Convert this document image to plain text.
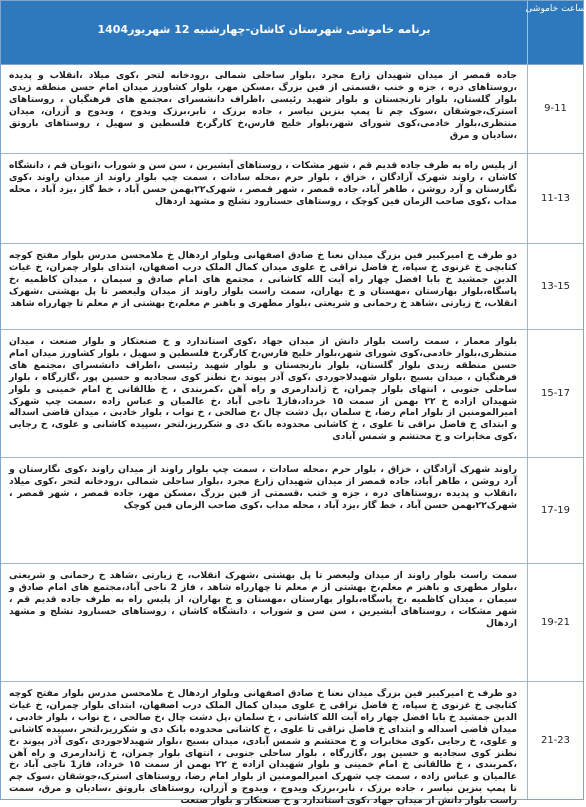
ساعت خاموشی
برنامه خاموشی شهرستان کاشان-چهارشنبه 12 شهریور1404
9-11
جاده قمصر از میدان شهیدان زارع مجرد ،بلوار ساحلی شمالی ،رودخانه لتحر ،کوی میلاد ،انقلاب و پدیده ،روستاهای دره ، جزه و خنب ،قسمتی از فین بزرگ ،مسکن مهر، بلوار کشاورز میدان امام حسن منطقه زیدی بلوار گلستان، بلوار نارنجستان و بلوار شهید رئیسی ،اطراف دانشسرای ،مجتمع های فرهنگیان ، روستاهای استرک،جوشقان ،سوک چم تا پمپ بنزین نیاسر ، جاده برزک ، نابر،برزک ویدوج ، ویدوج و آزران، میدان منتظری،بلوار خادمی،کوی شورای شهر،بلوار خلیج فارس،خ کارگر،خ فلسطین و سهیل ، روستاهای باروتق ،سادیان و مرق
11-13
از پلیس راه به طرف جاده قدیم قم ، شهر مشکات ، روستاهای آبشیرین ، سن سن و شوراب ،اتوبان قم ، دانشگاه کاشان ، راوند شهرک آزادگان ، خزاق ، بلوار حرم ،محله سادات ، سمت چپ بلوار راوند از میدان راوند ،کوی نگارستان و آرد روشن ، طاهر آباد، جاده قمصر ، شهر قمصر ، شهرک۲۲بهمن حسن آباد ، خط گاز ،یزد آباد ، محله مداب ،کوی صاحب الزمان فین کوچک ، روستاهای حسنارود نشلج و مشهد اردهال
13-15
دو طرف خ امیرکبیر فین بزرگ میدان نعنا خ صادق اصفهانی وبلوار اردهال خ ملامحسن مدرس بلوار مفتح کوچه کتابچی خ غزنوی خ سپاه، خ فاضل نراقی خ علوی میدان کمال الملک درب اصفهان، ابتدای بلوار چمران، خ غیاث الدین جمشید خ بابا افضل چهار راه آیت الله کاشانی ، مجتمع های امام صادق و سیمان ، میدان کاظمیه ،خ پاسگاه،بلوار بهارستان ،مهستان و خ بهاران، سمت راست بلوار راوند از میدان ولیعصر تا پل بهشتی ،شهرک انقلاب، خ زیارتی ،شاهد خ رحمانی و شریعتی ،بلوار مطهری و باهنر م معلم،خ بهشتی از م معلم تا چهارراه شاهد
15-17
بلوار معمار ، سمت راست بلوار دانش از میدان جهاد ،کوی استاندارد و خ صنعتکار و بلوار صنعت ، میدان منتظری،بلوار خادمی،کوی شورای شهر،بلوار خلیج فارس،خ کارگر،خ فلسطین و سهیل ، بلوار کشاورز میدان امام حسن منطقه زیدی بلوار گلستان، بلوار نارنجستان و بلوار شهید رئیسی ،اطراف دانشسرای ،مجتمع های فرهنگیان ، میدان بسیج ،بلوار شهیدلاجوردی ،کوی آذر پیوند ،خ نطنز کوی سجادیه و حسین پور ،گازرگاه ، بلوار ساحلی جنوبی ، انتهای بلوار چمران، خ ژاندارمری و راه آهن ،کمربندی ، خ طالقانی خ امام خمینی و بلوار شهیدان ازاده خ ۲۲ بهمن از سمت ۱۵ خرداد،فاز1 ناجی آباد ،خ عالمیان و عباس زاده ،سمت چپ شهرک امیرالمومنین از بلوار امام رضا، خ سلمان ،پل دشت چال ،خ صالحی ، خ نواب ، بلوار خادبی ، میدان قاضی اسداله و ابتدای خ فاضل نراقی تا علوی ، خ کاشانی محدوده بانک دی و شکرریز،لتحر ،سپیده کاشانی و علوی، خ رجایی ،کوی مخابرات و خ محتشم و شمس آبادی
17-19
راوند شهرک آزادگان ، خزاق ، بلوار حرم ،محله سادات ، سمت چپ بلوار راوند از میدان راوند ،کوی نگارستان و آرد روشن ، طاهر آباد، جاده قمصر از میدان شهیدان زارع مجرد ،بلوار ساحلی شمالی ،رودخانه لتحر ،کوی میلاد ،انقلاب و پدیده ،روستاهای دره ، جزه و خنب ،قسمتی از فین بزرگ ،مسکن مهر، جاده قمصر ، شهر قمصر ، شهرک۲۲بهمن حسن آباد ، خط گاز ،یزد آباد ، محله مداب ،کوی صاحب الزمان فین کوچک
19-21
سمت راست بلوار راوند از میدان ولیعصر تا پل بهشتی ،شهرک انقلاب، خ زیارتی ،شاهد خ رحمانی و شریعتی ،بلوار مطهری و باهنر م معلم،خ بهشتی از م معلم تا چهارراه شاهد ، فاز 2 ناجی آباد،مجتمع های امام صادق و سیمان ، میدان کاظمیه ،خ پاسگاه،بلوار بهارستان ،مهستان و خ بهاران، از پلیس راه به طرف جاده قدیم قم ، شهر مشکات ، روستاهای آبشیرین ، سن سن و شوراب ، دانشگاه کاشان ، روستاهای حسنارود نشلج و مشهد اردهال
21-23
دو طرف خ امیرکبیر فین بزرگ میدان نعنا خ صادق اصفهانی وبلوار اردهال خ ملامحسن مدرس بلوار مفتح کوچه کتابچی خ غزنوی خ سپاه، خ فاضل نراقی خ علوی میدان کمال الملک درب اصفهان، ابتدای بلوار چمران، خ غیاث الدین جمشید خ بابا افضل چهار راه آیت الله کاشانی ، خ سلمان ،پل دشت چال ،خ صالحی ، خ نواب ، بلوار خادبی ، میدان قاضی اسداله و ابتدای خ فاضل نراقی تا علوی ، خ کاشانی محدوده بانک دی و شکرریز،لتحر ،سپیده کاشانی و علوی، خ رجایی ،کوی مخابرات و خ محتشم و شمس آبادی، میدان بسیج ،بلوار شهیدلاجوردی ،کوی آذر پیوند ،خ نطنز کوی سجادیه و حسین پور ،گازرگاه ، بلوار ساحلی جنوبی ، انتهای بلوار چمران، خ ژاندارمری و راه آهن ،کمربندی ، خ طالقانی خ امام خمینی و بلوار شهیدان ازاده خ ۲۲ بهمن از سمت ۱۵ خرداد، فاز1 ناجی آباد ،خ عالمیان و عباس زاده ، سمت چپ شهرک امیرالمومنین از بلوار امام رضا، روستاهای استرک،جوشقان ،سوک چم تا پمپ بنزین نیاسر ، جاده برزک ، نابر،برزک ویدوج ، ویدوج و آزران، روستاهای باروتق ،سادیان و مرق، سمت راست بلوار دانش از میدان جهاد ،کوی استاندارد و خ صنعتکار و بلوار صنعت
